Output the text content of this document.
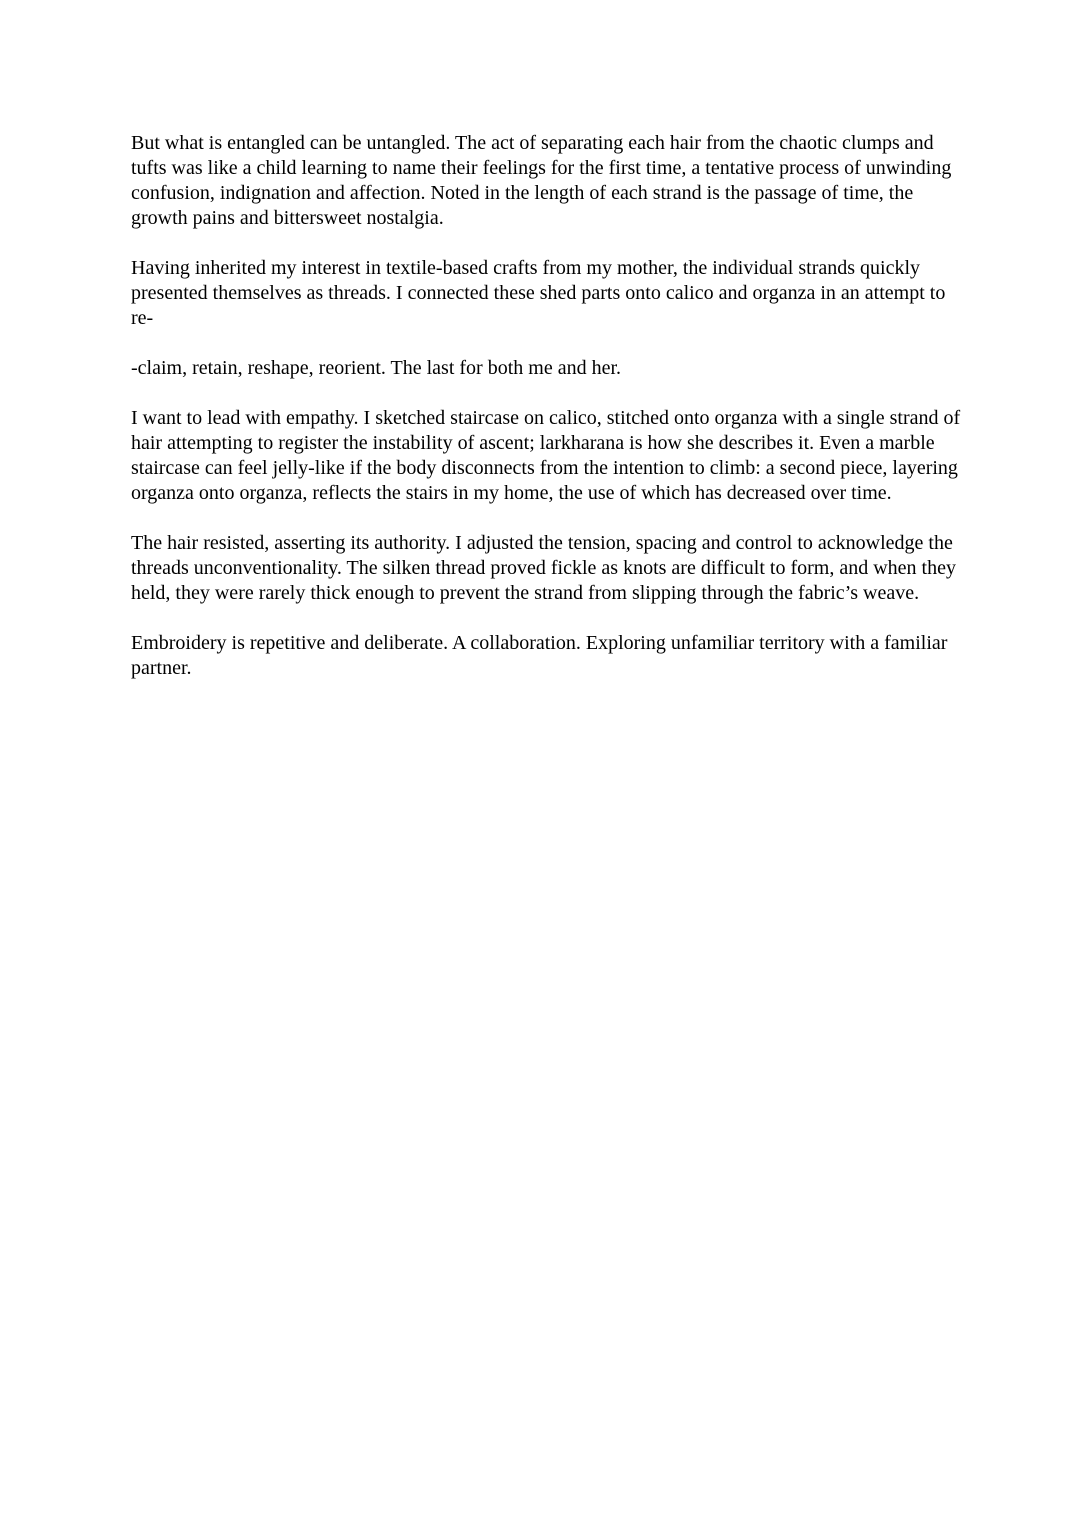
But what is entangled can be untangled. The act of separating each hair from the chaotic clumps and tufts was like a child learning to name their feelings for the first time, a tentative process of unwinding confusion, indignation and affection. Noted in the length of each strand is the passage of time, the growth pains and bittersweet nostalgia.

Having inherited my interest in textile-based crafts from my mother, the individual strands quickly presented themselves as threads. I connected these shed parts onto calico and organza in an attempt to re-

-claim, retain, reshape, reorient. The last for both me and her.

I want to lead with empathy. I sketched staircase on calico, stitched onto organza with a single strand of hair attempting to register the instability of ascent; larkharana is how she describes it. Even a marble staircase can feel jelly-like if the body disconnects from the intention to climb: a second piece, layering organza onto organza, reflects the stairs in my home, the use of which has decreased over time.

The hair resisted, asserting its authority. I adjusted the tension, spacing and control to acknowledge the threads unconventionality. The silken thread proved fickle as knots are difficult to form, and when they held, they were rarely thick enough to prevent the strand from slipping through the fabric’s weave.

Embroidery is repetitive and deliberate. A collaboration. Exploring unfamiliar territory with a familiar partner.
